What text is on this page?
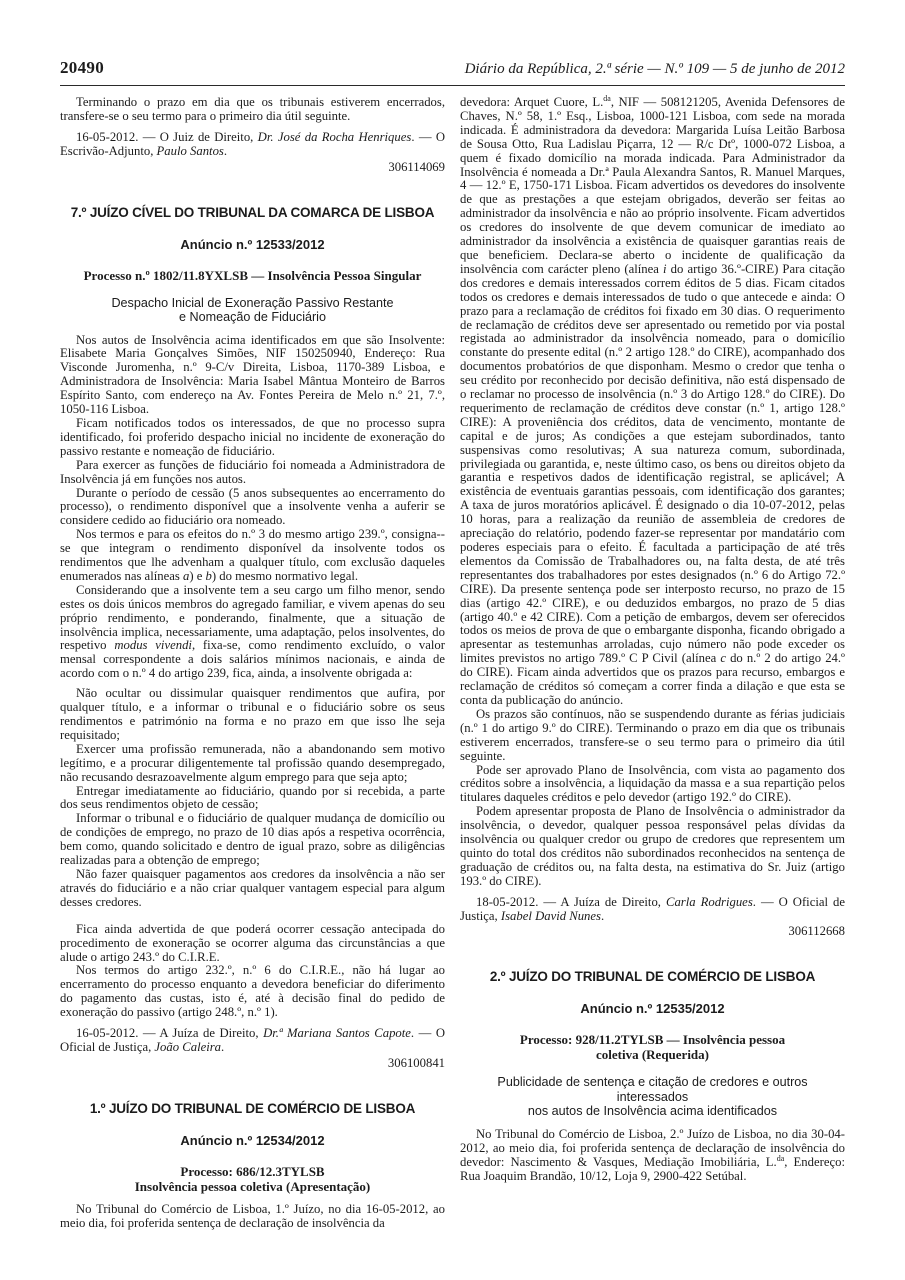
20490	Diário da República, 2.ª série — N.º 109 — 5 de junho de 2012

Terminando o prazo em dia que os tribunais estiverem encerrados, transfere-se o seu termo para o primeiro dia útil seguinte.

16-05-2012. — O Juiz de Direito, Dr. José da Rocha Henriques. — O Escrivão-Adjunto, Paulo Santos.

306114069

7.º JUÍZO CÍVEL DO TRIBUNAL DA COMARCA DE LISBOA
Anúncio n.º 12533/2012
Processo n.º 1802/11.8YXLSB — Insolvência Pessoa Singular

Despacho Inicial de Exoneração Passivo Restante
e Nomeação de Fiduciário

Nos autos de Insolvência acima identificados em que são Insolvente: Elisabete Maria Gonçalves Simões, NIF 150250940, Endereço: Rua Visconde Juromenha, n.º 9-C/v Direita, Lisboa, 1170-389 Lisboa, e Administradora de Insolvência: Maria Isabel Mântua Monteiro de Barros Espírito Santo, com endereço na Av. Fontes Pereira de Melo n.º 21, 7.º, 1050-116 Lisboa.

Ficam notificados todos os interessados, de que no processo supra identificado, foi proferido despacho inicial no incidente de exoneração do passivo restante e nomeação de fiduciário.

Para exercer as funções de fiduciário foi nomeada a Administradora de Insolvência já em funções nos autos.

Durante o período de cessão (5 anos subsequentes ao encerramento do processo), o rendimento disponível que a insolvente venha a auferir se considere cedido ao fiduciário ora nomeado.

Nos termos e para os efeitos do n.º 3 do mesmo artigo 239.º, consigna--se que integram o rendimento disponível da insolvente todos os rendimentos que lhe advenham a qualquer título, com exclusão daqueles enumerados nas alíneas a) e b) do mesmo normativo legal.

Considerando que a insolvente tem a seu cargo um filho menor, sendo estes os dois únicos membros do agregado familiar, e vivem apenas do seu próprio rendimento, e ponderando, finalmente, que a situação de insolvência implica, necessariamente, uma adaptação, pelos insolventes, do respetivo modus vivendi, fixa-se, como rendimento excluído, o valor mensal correspondente a dois salários mínimos nacionais, e ainda de acordo com o n.º 4 do artigo 239, fica, ainda, a insolvente obrigada a:

Não ocultar ou dissimular quaisquer rendimentos que aufira, por qualquer título, e a informar o tribunal e o fiduciário sobre os seus rendimentos e património na forma e no prazo em que isso lhe seja requisitado;

Exercer uma profissão remunerada, não a abandonando sem motivo legítimo, e a procurar diligentemente tal profissão quando desempregado, não recusando desrazoavelmente algum emprego para que seja apto;

Entregar imediatamente ao fiduciário, quando por si recebida, a parte dos seus rendimentos objeto de cessão;

Informar o tribunal e o fiduciário de qualquer mudança de domicílio ou de condições de emprego, no prazo de 10 dias após a respetiva ocorrência, bem como, quando solicitado e dentro de igual prazo, sobre as diligências realizadas para a obtenção de emprego;

Não fazer quaisquer pagamentos aos credores da insolvência a não ser através do fiduciário e a não criar qualquer vantagem especial para algum desses credores.

Fica ainda advertida de que poderá ocorrer cessação antecipada do procedimento de exoneração se ocorrer alguma das circunstâncias a que alude o artigo 243.º do C.I.R.E.

Nos termos do artigo 232.º, n.º 6 do C.I.R.E., não há lugar ao encerramento do processo enquanto a devedora beneficiar do diferimento do pagamento das custas, isto é, até à decisão final do pedido de exoneração do passivo (artigo 248.º, n.º 1).

16-05-2012. — A Juíza de Direito, Dr.ª Mariana Santos Capote. — O Oficial de Justiça, João Caleira.

306100841

1.º JUÍZO DO TRIBUNAL DE COMÉRCIO DE LISBOA
Anúncio n.º 12534/2012
Processo: 686/12.3TYLSB
Insolvência pessoa coletiva (Apresentação)

No Tribunal do Comércio de Lisboa, 1.º Juízo, no dia 16-05-2012, ao meio dia, foi proferida sentença de declaração de insolvência da

devedora: Arquet Cuore, L.$^{da}$, NIF — 508121205, Avenida Defensores de Chaves, N.º 58, 1.º Esq., Lisboa, 1000-121 Lisboa, com sede na morada indicada. É administradora da devedora: Margarida Luísa Leitão Barbosa de Sousa Otto, Rua Ladislau Piçarra, 12 — R/c Dtº, 1000-072 Lisboa, a quem é fixado domicílio na morada indicada. Para Administrador da Insolvência é nomeada a Dr.ª Paula Alexandra Santos, R. Manuel Marques, 4 — 12.º E, 1750-171 Lisboa. Ficam advertidos os devedores do insolvente de que as prestações a que estejam obrigados, deverão ser feitas ao administrador da insolvência e não ao próprio insolvente. Ficam advertidos os credores do insolvente de que devem comunicar de imediato ao administrador da insolvência a existência de quaisquer garantias reais de que beneficiem. Declara-se aberto o incidente de qualificação da insolvência com carácter pleno (alínea i do artigo 36.º-CIRE) Para citação dos credores e demais interessados correm éditos de 5 dias. Ficam citados todos os credores e demais interessados de tudo o que antecede e ainda: O prazo para a reclamação de créditos foi fixado em 30 dias. O requerimento de reclamação de créditos deve ser apresentado ou remetido por via postal registada ao administrador da insolvência nomeado, para o domicílio constante do presente edital (n.º 2 artigo 128.º do CIRE), acompanhado dos documentos probatórios de que disponham. Mesmo o credor que tenha o seu crédito por reconhecido por decisão definitiva, não está dispensado de o reclamar no processo de insolvência (n.º 3 do Artigo 128.º do CIRE). Do requerimento de reclamação de créditos deve constar (n.º 1, artigo 128.º CIRE): A proveniência dos créditos, data de vencimento, montante de capital e de juros; As condições a que estejam subordinados, tanto suspensivas como resolutivas; A sua natureza comum, subordinada, privilegiada ou garantida, e, neste último caso, os bens ou direitos objeto da garantia e respetivos dados de identificação registral, se aplicável; A existência de eventuais garantias pessoais, com identificação dos garantes; A taxa de juros moratórios aplicável. É designado o dia 10-07-2012, pelas 10 horas, para a realização da reunião de assembleia de credores de apreciação do relatório, podendo fazer-se representar por mandatário com poderes especiais para o efeito. É facultada a participação de até três elementos da Comissão de Trabalhadores ou, na falta desta, de até três representantes dos trabalhadores por estes designados (n.º 6 do Artigo 72.º CIRE). Da presente sentença pode ser interposto recurso, no prazo de 15 dias (artigo 42.º CIRE), e ou deduzidos embargos, no prazo de 5 dias (artigo 40.º e 42 CIRE). Com a petição de embargos, devem ser oferecidos todos os meios de prova de que o embargante disponha, ficando obrigado a apresentar as testemunhas arroladas, cujo número não pode exceder os limites previstos no artigo 789.º C P Civil (alínea c do n.º 2 do artigo 24.º do CIRE). Ficam ainda advertidos que os prazos para recurso, embargos e reclamação de créditos só começam a correr finda a dilação e que esta se conta da publicação do anúncio.

Os prazos são contínuos, não se suspendendo durante as férias judiciais (n.º 1 do artigo 9.º do CIRE). Terminando o prazo em dia que os tribunais estiverem encerrados, transfere-se o seu termo para o primeiro dia útil seguinte.

Pode ser aprovado Plano de Insolvência, com vista ao pagamento dos créditos sobre a insolvência, a liquidação da massa e a sua repartição pelos titulares daqueles créditos e pelo devedor (artigo 192.º do CIRE).

Podem apresentar proposta de Plano de Insolvência o administrador da insolvência, o devedor, qualquer pessoa responsável pelas dívidas da insolvência ou qualquer credor ou grupo de credores que representem um quinto do total dos créditos não subordinados reconhecidos na sentença de graduação de créditos ou, na falta desta, na estimativa do Sr. Juiz (artigo 193.º do CIRE).

18-05-2012. — A Juíza de Direito, Carla Rodrigues. — O Oficial de Justiça, Isabel David Nunes.

306112668

2.º JUÍZO DO TRIBUNAL DE COMÉRCIO DE LISBOA
Anúncio n.º 12535/2012
Processo: 928/11.2TYLSB — Insolvência pessoa
coletiva (Requerida)

Publicidade de sentença e citação de credores e outros interessados
nos autos de Insolvência acima identificados

No Tribunal do Comércio de Lisboa, 2.º Juízo de Lisboa, no dia 30-04-2012, ao meio dia, foi proferida sentença de declaração de insolvência do devedor: Nascimento & Vasques, Mediação Imobiliária, L.$^{da}$, Endereço: Rua Joaquim Brandão, 10/12, Loja 9, 2900-422 Setúbal.
